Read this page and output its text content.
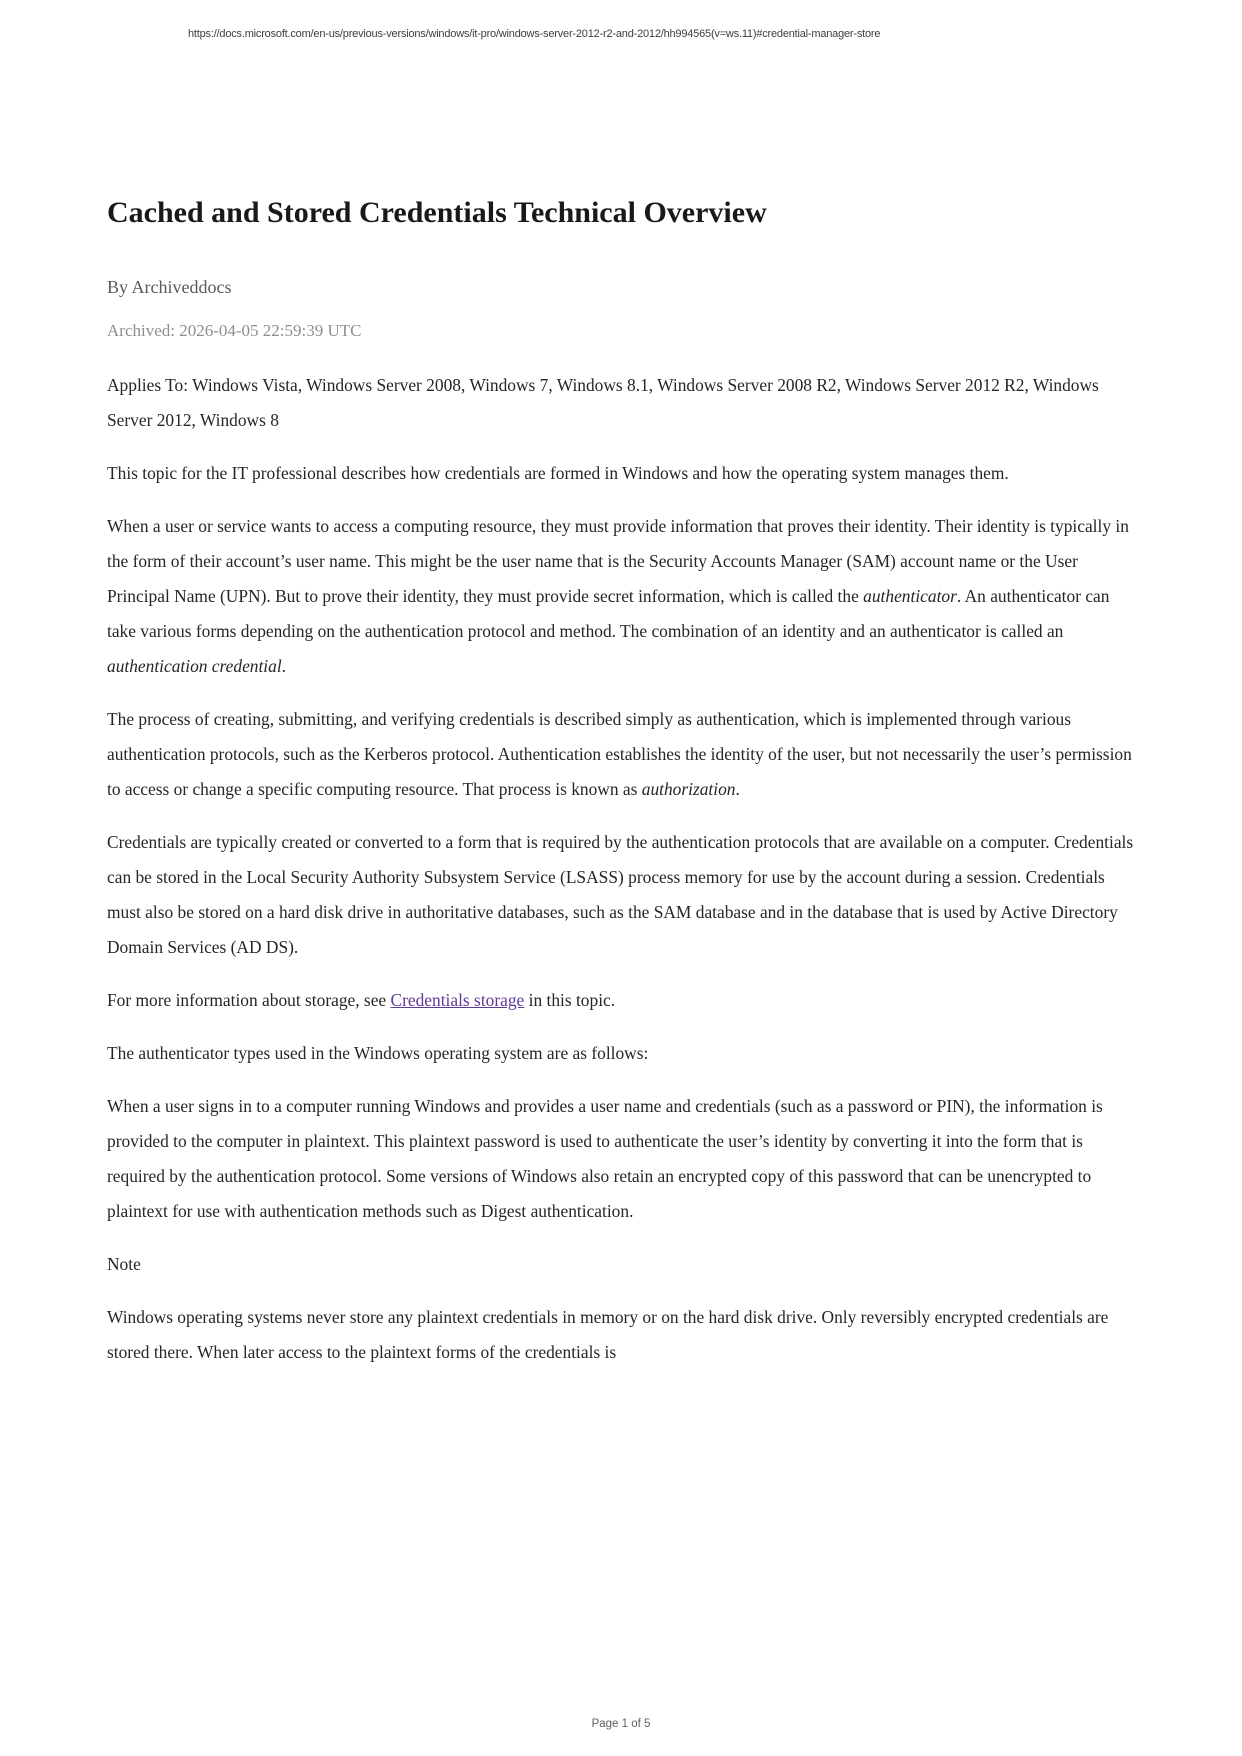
https://docs.microsoft.com/en-us/previous-versions/windows/it-pro/windows-server-2012-r2-and-2012/hh994565(v=ws.11)#credential-manager-store
Cached and Stored Credentials Technical Overview

By Archiveddocs

Archived: 2026-04-05 22:59:39 UTC

Applies To: Windows Vista, Windows Server 2008, Windows 7, Windows 8.1, Windows Server 2008 R2, Windows Server 2012 R2, Windows Server 2012, Windows 8

This topic for the IT professional describes how credentials are formed in Windows and how the operating system manages them.

When a user or service wants to access a computing resource, they must provide information that proves their identity. Their identity is typically in the form of their account’s user name. This might be the user name that is the Security Accounts Manager (SAM) account name or the User Principal Name (UPN). But to prove their identity, they must provide secret information, which is called the authenticator. An authenticator can take various forms depending on the authentication protocol and method. The combination of an identity and an authenticator is called an authentication credential.

The process of creating, submitting, and verifying credentials is described simply as authentication, which is implemented through various authentication protocols, such as the Kerberos protocol. Authentication establishes the identity of the user, but not necessarily the user’s permission to access or change a specific computing resource. That process is known as authorization.

Credentials are typically created or converted to a form that is required by the authentication protocols that are available on a computer. Credentials can be stored in the Local Security Authority Subsystem Service (LSASS) process memory for use by the account during a session. Credentials must also be stored on a hard disk drive in authoritative databases, such as the SAM database and in the database that is used by Active Directory Domain Services (AD DS).

For more information about storage, see Credentials storage in this topic.

The authenticator types used in the Windows operating system are as follows:

When a user signs in to a computer running Windows and provides a user name and credentials (such as a password or PIN), the information is provided to the computer in plaintext. This plaintext password is used to authenticate the user’s identity by converting it into the form that is required by the authentication protocol. Some versions of Windows also retain an encrypted copy of this password that can be unencrypted to plaintext for use with authentication methods such as Digest authentication.

Note

Windows operating systems never store any plaintext credentials in memory or on the hard disk drive. Only reversibly encrypted credentials are stored there. When later access to the plaintext forms of the credentials is

Page 1 of 5
